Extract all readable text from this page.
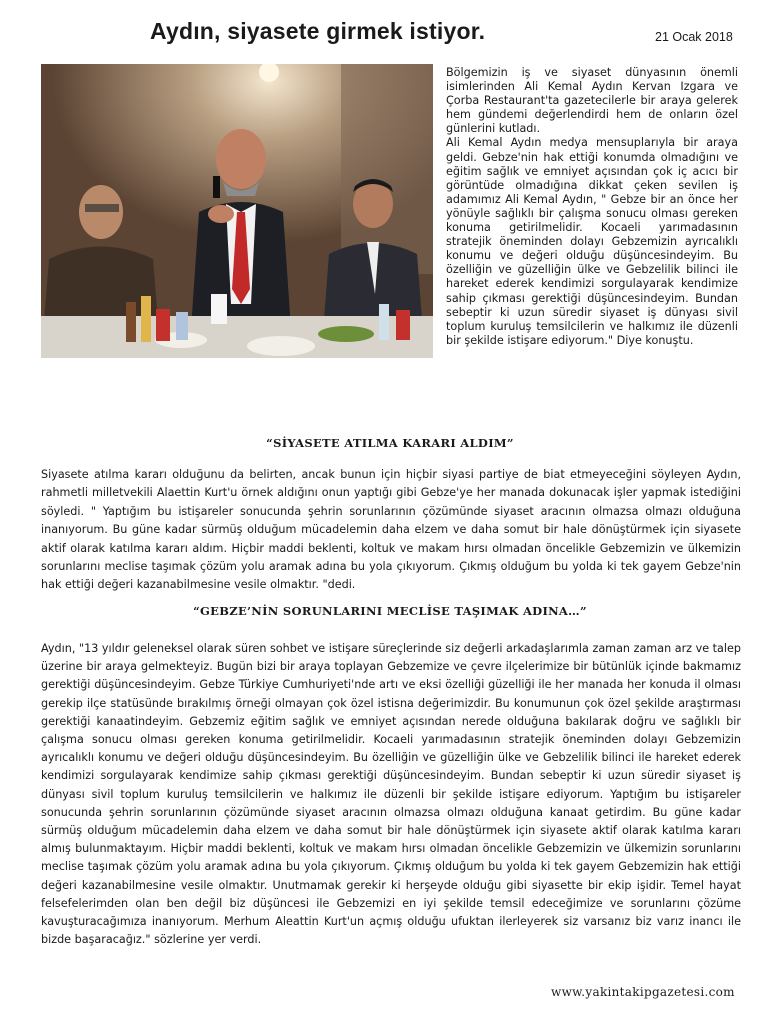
Aydın, siyasete girmek istiyor.	21 Ocak 2018

Bölgemizin iş ve siyaset dünyasının önemli isimlerinden Ali Kemal Aydın Kervan Izgara ve Çorba Restaurant'ta gazetecilerle bir araya gelerek hem gündemi değerlendirdi hem de onların özel günlerini kutladı.

Ali Kemal Aydın medya mensuplarıyla bir araya geldi. Gebze'nin hak ettiği konumda olmadığını ve eğitim sağlık ve emniyet açısından çok iç acıcı bir görüntüde olmadığına dikkat çeken sevilen iş adamımız Ali Kemal Aydın, " Gebze bir an önce her yönüyle sağlıklı bir çalışma sonucu olması gereken konuma getirilmelidir. Kocaeli yarımadasının stratejik öneminden dolayı Gebzemizin ayrıcalıklı konumu ve değeri olduğu düşüncesindeyim. Bu özelliğin ve güzelliğin ülke ve Gebzelilik bilinci ile hareket ederek kendimizi sorgulayarak kendimize sahip çıkması gerektiği düşüncesindeyim. Bundan sebeptir ki uzun süredir siyaset iş dünyası sivil toplum kuruluş temsilcilerin ve halkımız ile düzenli bir şekilde istişare ediyorum." Diye konuştu.

“SİYASETE ATILMA KARARI ALDIM”

Siyasete atılma kararı olduğunu da belirten, ancak bunun için hiçbir siyasi partiye de biat etmeyeceğini söyleyen Aydın, rahmetli milletvekili Alaettin Kurt'u örnek aldığını onun yaptığı gibi Gebze'ye her manada dokunacak işler yapmak istediğini söyledi. " Yaptığım bu istişareler sonucunda şehrin sorunlarının çözümünde siyaset aracının olmazsa olmazı olduğuna inanıyorum. Bu güne kadar sürmüş olduğum mücadelemin daha elzem ve daha somut bir hale dönüştürmek için siyasete aktif olarak katılma kararı aldım. Hiçbir maddi beklenti, koltuk ve makam hırsı olmadan öncelikle Gebzemizin ve ülkemizin sorunlarını meclise taşımak çözüm yolu aramak adına bu yola çıkıyorum. Çıkmış olduğum bu yolda ki tek gayem Gebze'nin hak ettiği değeri kazanabilmesine vesile olmaktır. "dedi.

“GEBZE’NİN SORUNLARINI MECLİSE TAŞIMAK ADINA…”

Aydın, "13 yıldır geleneksel olarak süren sohbet ve istişare süreçlerinde siz değerli arkadaşlarımla zaman zaman arz ve talep üzerine bir araya gelmekteyiz. Bugün bizi bir araya toplayan Gebzemize ve çevre ilçelerimize bir bütünlük içinde bakmamız gerektiği düşüncesindeyim. Gebze Türkiye Cumhuriyeti'nde artı ve eksi özelliği güzelliği ile her manada her konuda il olması gerekip ilçe statüsünde bırakılmış örneği olmayan çok özel istisna değerimizdir. Bu konumunun çok özel şekilde araştırması gerektiği kanaatindeyim. Gebzemiz eğitim sağlık ve emniyet açısından nerede olduğuna bakılarak doğru ve sağlıklı bir çalışma sonucu olması gereken konuma getirilmelidir. Kocaeli yarımadasının stratejik öneminden dolayı Gebzemizin ayrıcalıklı konumu ve değeri olduğu düşüncesindeyim. Bu özelliğin ve güzelliğin ülke ve Gebzelilik bilinci ile hareket ederek kendimizi sorgulayarak kendimize sahip çıkması gerektiği düşüncesindeyim. Bundan sebeptir ki uzun süredir siyaset iş dünyası sivil toplum kuruluş temsilcilerin ve halkımız ile düzenli bir şekilde istişare ediyorum. Yaptığım bu istişareler sonucunda şehrin sorunlarının çözümünde siyaset aracının olmazsa olmazı olduğuna kanaat getirdim. Bu güne kadar sürmüş olduğum mücadelemin daha elzem ve daha somut bir hale dönüştürmek için siyasete aktif olarak katılma kararı almış bulunmaktayım. Hiçbir maddi beklenti, koltuk ve makam hırsı olmadan öncelikle Gebzemizin ve ülkemizin sorunlarını meclise taşımak çözüm yolu aramak adına bu yola çıkıyorum. Çıkmış olduğum bu yolda ki tek gayem Gebzemizin hak ettiği değeri kazanabilmesine vesile olmaktır. Unutmamak gerekir ki herşeyde olduğu gibi siyasette bir ekip işidir. Temel hayat felsefelerimden olan ben değil biz düşüncesi ile Gebzemizi en iyi şekilde temsil edeceğimize ve sorunlarını çözüme kavuşturacağımıza inanıyorum. Merhum Aleattin Kurt'un açmış olduğu ufuktan ilerleyerek siz varsanız biz varız inancı ile bizde başaracağız." sözlerine yer verdi.

www.yakintakipgazetesi.com
